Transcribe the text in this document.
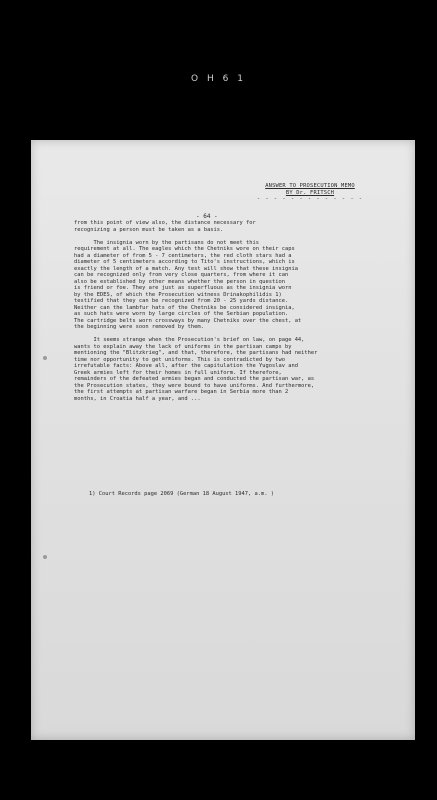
O H 6 1
ANSWER TO PROSECUTION MEMO
BY Dr. FRITSCH
- - - - - - - - - - - - -
- 64 -

from this point of view also, the distance necessary for
recognizing a person must be taken as a basis.

The insignia worn by the partisans do not meet this
requirement at all. The eagles which the Chetniks wore on their caps
had a diameter of from 5 - 7 centimeters, the red cloth stars had a
diameter of 5 centimeters according to Tito's instructions, which is
exactly the length of a match. Any test will show that these insignia
can be recognized only from very close quarters, from where it can
also be established by other means whether the person in question
is friend or foe. They are just as superfluous as the insignia worn
by the EDES, of which the Prosecution witness Drinakophilidis 1)
testified that they can be recognized from 20 - 25 yards distance.
Neither can the lambfur hats of the Chetniks be considered insignia,
as such hats were worn by large circles of the Serbian population.
The cartridge belts worn crossways by many Chetniks over the chest, at
the beginning were soon removed by them.

It seems strange when the Prosecution's brief on law, on page 44,
wants to explain away the lack of uniforms in the partisan camps by
mentioning the "Blitzkrieg", and that, therefore, the partisans had neither
time nor opportunity to get uniforms. This is contradicted by two
irrefutable facts: Above all, after the capitulation the Yugoslav and
Greek armies left for their homes in full uniform. If therefore,
remainders of the defeated armies began and conducted the partisan war, as
the Prosecution states, they were bound to have uniforms. And furthermore,
the first attempts at partisan warfare began in Serbia more than 2
months, in Croatia half a year, and ...

1) Court Records page 2069 (German 18 August 1947, a.m. )
